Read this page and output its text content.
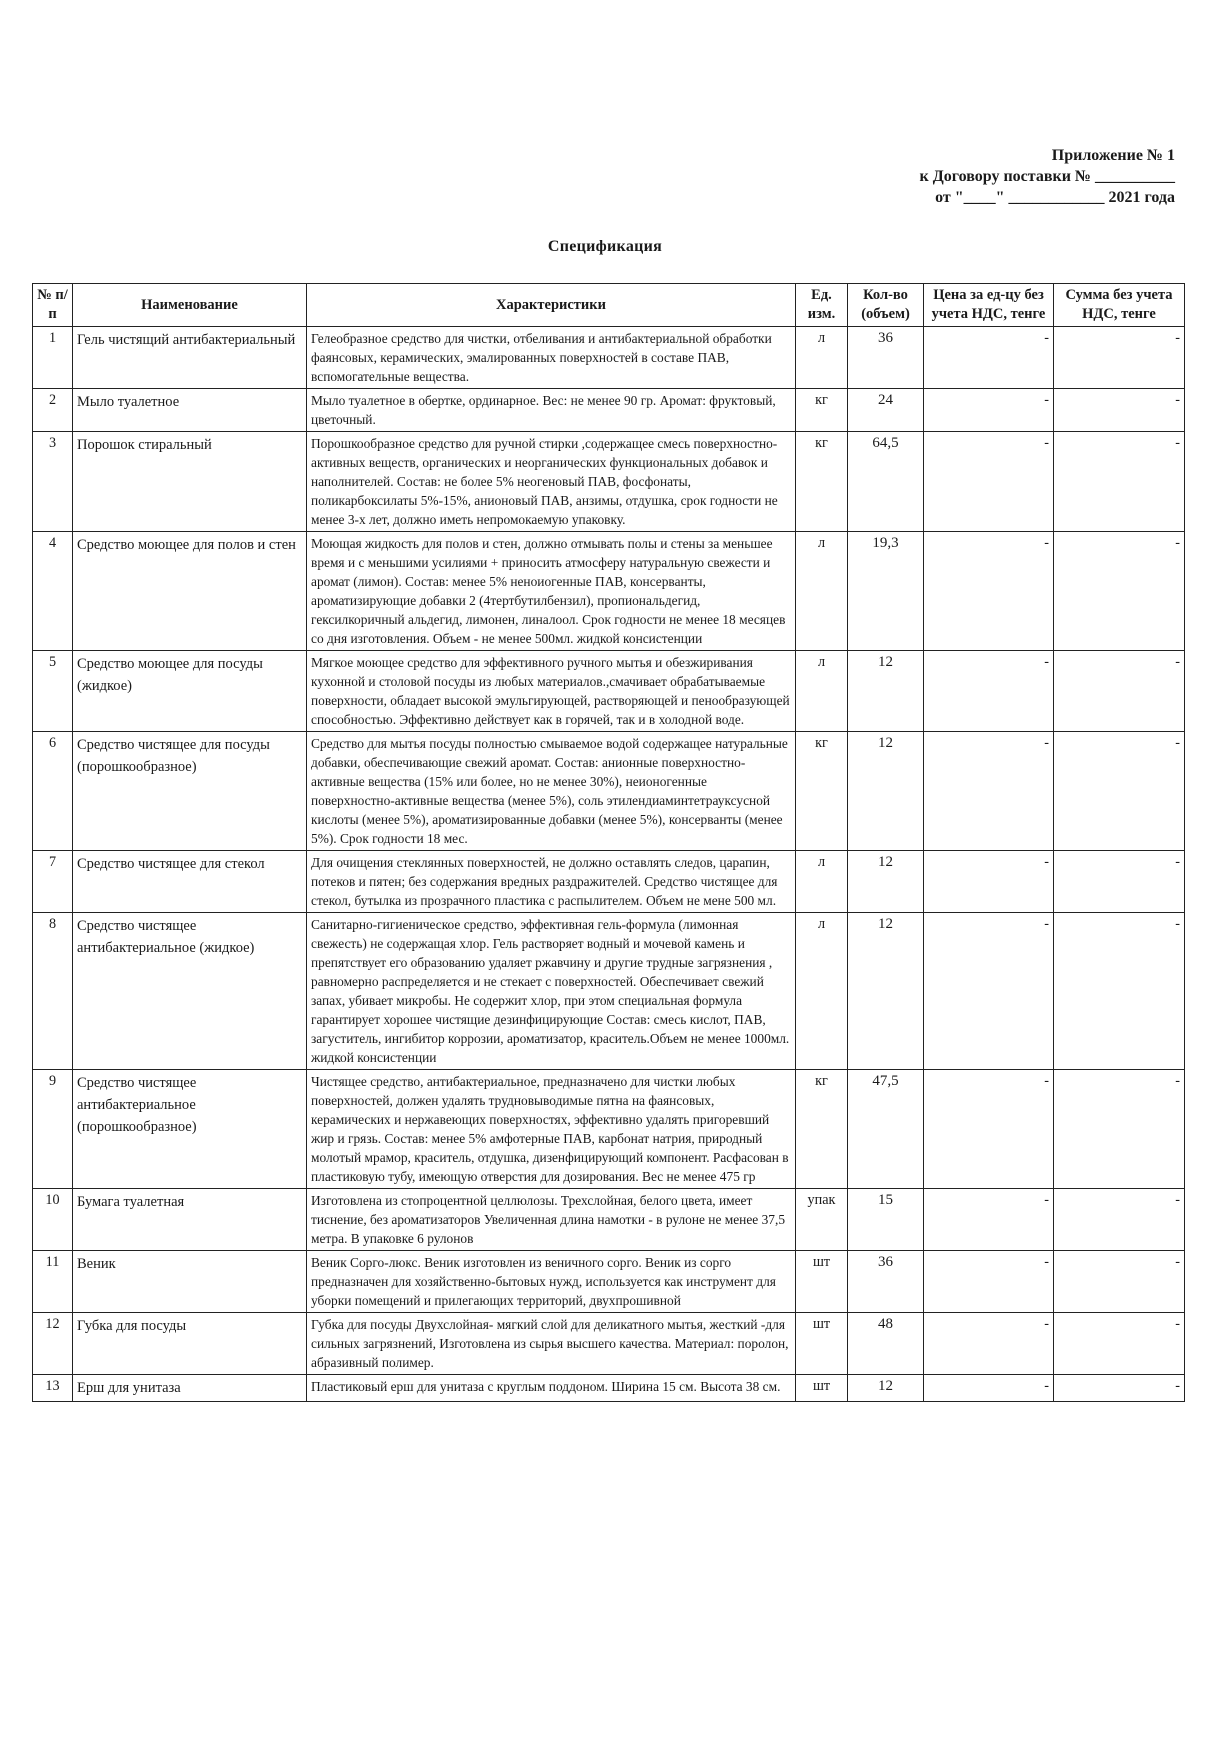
Приложение № 1
к Договору поставки № __________
от "____" ____________ 2021 года
Спецификация
№ п/п	Наименование	Характеристики	Ед. изм.	Кол-во (объем)	Цена за ед-цу без учета НДС, тенге	Сумма без учета НДС, тенге
1	Гель чистящий антибактериальный	Гелеобразное средство для чистки, отбеливания и антибактериальной обработки фаянсовых, керамических, эмалированных поверхностей в составе ПАВ, вспомогательные вещества.	л	36	-	-
2	Мыло туалетное	Мыло туалетное в обертке, ординарное. Вес: не менее 90 гр. Аромат: фруктовый, цветочный.	кг	24	-	-
3	Порошок стиральный	Порошкообразное средство для ручной стирки ,содержащее смесь поверхностно-активных веществ, органических и неорганических функциональных добавок и наполнителей. Состав: не более 5% неогеновый ПАВ, фосфонаты, поликарбоксилаты 5%-15%, анионовый ПАВ, анзимы, отдушка, срок годности не менее 3-х лет, должно иметь непромокаемую упаковку.	кг	64,5	-	-
4	Средство моющее для полов и стен	Моющая жидкость для полов и стен, должно отмывать полы и стены за меньшее время и с меньшими усилиями + приносить атмосферу натуральную свежести и аромат (лимон). Состав: менее 5% неноиогенные ПАВ, консерванты, ароматизирующие добавки 2 (4тертбутилбензил), пропиональдегид, гексилкоричный альдегид, лимонен, линалоол. Срок годности не менее 18 месяцев со дня изготовления. Объем - не менее 500мл. жидкой консистенции	л	19,3	-	-
5	Средство моющее для посуды (жидкое)	Мягкое моющее средство для эффективного ручного мытья и обезжиривания кухонной и столовой посуды из любых материалов.,смачивает обрабатываемые поверхности, обладает высокой эмульгирующей, растворяющей и пенообразующей способностью. Эффективно действует как в горячей, так и в холодной воде.	л	12	-	-
6	Средство чистящее для посуды (порошкообразное)	Средство для мытья посуды полностью смываемое водой содержащее натуральные добавки, обеспечивающие свежий аромат. Состав: анионные поверхностно-активные вещества (15% или более, но не менее 30%), неионогенные поверхностно-активные вещества (менее 5%), соль этилендиаминтетрауксусной кислоты (менее 5%), ароматизированные добавки (менее 5%), консерванты (менее 5%). Срок годности 18 мес.	кг	12	-	-
7	Средство чистящее для стекол	Для очищения стеклянных поверхностей, не должно оставлять следов, царапин, потеков и пятен; без содержания вредных раздражителей. Средство чистящее для стекол, бутылка из прозрачного пластика с распылителем. Объем не мене 500 мл.	л	12	-	-
8	Средство чистящее антибактериальное (жидкое)	Санитарно-гигиеническое средство, эффективная гель-формула (лимонная свежесть) не содержащая хлор. Гель растворяет водный и мочевой камень и препятствует его образованию удаляет ржавчину и другие трудные загрязнения , равномерно распределяется и не стекает с поверхностей. Обеспечивает свежий запах, убивает микробы. Не содержит хлор, при этом специальная формула гарантирует хорошее чистящие дезинфицирующие Состав: смесь кислот, ПАВ, загуститель, ингибитор коррозии, ароматизатор, краситель.Объем не менее 1000мл. жидкой консистенции	л	12	-	-
9	Средство чистящее антибактериальное (порошкообразное)	Чистящее средство, антибактериальное, предназначено для чистки любых поверхностей, должен удалять трудновыводимые пятна на фаянсовых, керамических и нержавеющих поверхностях, эффективно удалять пригоревший жир и грязь. Состав: менее 5% амфотерные ПАВ, карбонат натрия, природный молотый мрамор, краситель, отдушка, дизенфицирующий компонент. Расфасован в пластиковую тубу, имеющую отверстия для дозирования. Вес не менее 475 гр	кг	47,5	-	-
10	Бумага туалетная	Изготовлена из стопроцентной целлюлозы. Трехслойная, белого цвета, имеет тиснение, без ароматизаторов Увеличенная длина намотки - в рулоне не менее 37,5 метра. В упаковке 6 рулонов	упак	15	-	-
11	Веник	Веник Сорго-люкс. Веник изготовлен из веничного сорго. Веник из сорго предназначен для хозяйственно-бытовых нужд, используется как инструмент для уборки помещений и прилегающих территорий, двухпрошивной	шт	36	-	-
12	Губка для посуды	Губка для посуды Двухслойная- мягкий слой для деликатного мытья, жесткий -для сильных загрязнений, Изготовлена из сырья высшего качества. Материал: поролон, абразивный полимер.	шт	48	-	-
13	Ерш для унитаза	Пластиковый ерш для унитаза с круглым поддоном. Ширина 15 см. Высота 38 см.	шт	12	-	-
